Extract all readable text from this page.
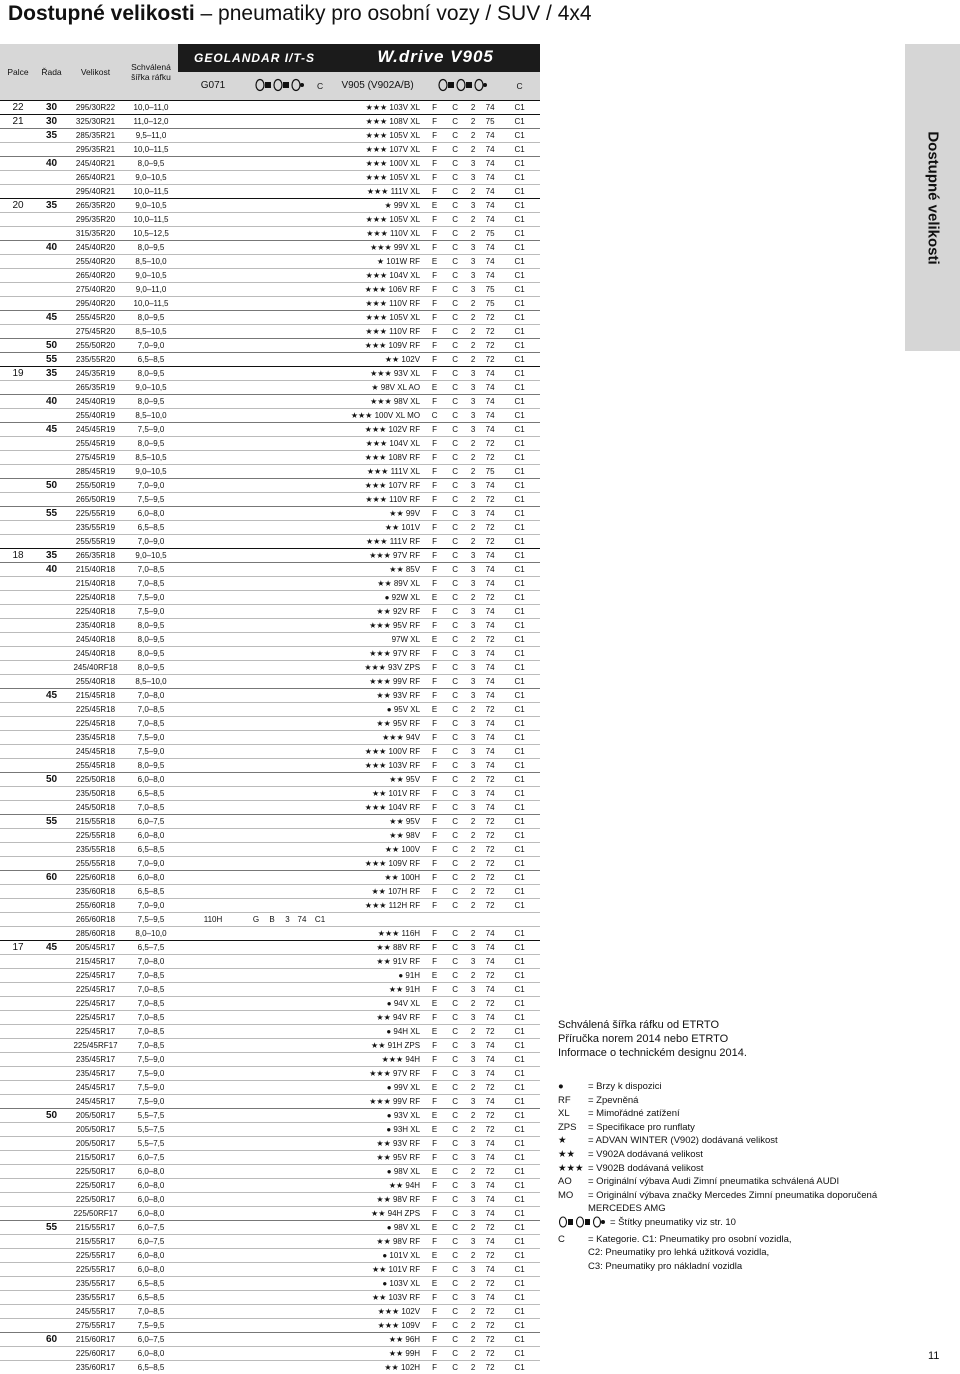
Dostupné velikosti – pneumatiky pro osobní vozy / SUV / 4x4
Dostupné velikosti
Palce	Řada	Velikost	Schválená šířka ráfku	GEOLANDAR I/T-S						W.drive V905					
				G071					C	V905 (V902A/B)					C
22	30	295/30R22	10,0–11,0							★★★ 103V XL	F	C	2	74	C1
21	30	325/30R21	11,0–12,0							★★★ 108V XL	F	C	2	75	C1
	35	285/35R21	9,5–11,0							★★★ 105V XL	F	C	2	74	C1
		295/35R21	10,0–11,5							★★★ 107V XL	F	C	2	74	C1
	40	245/40R21	8,0–9,5							★★★ 100V XL	F	C	3	74	C1
		265/40R21	9,0–10,5							★★★ 105V XL	F	C	3	74	C1
		295/40R21	10,0–11,5							★★★ 111V XL	F	C	2	74	C1
20	35	265/35R20	9,0–10,5							★ 99V XL	E	C	3	74	C1
		295/35R20	10,0–11,5							★★★ 105V XL	F	C	2	74	C1
		315/35R20	10,5–12,5							★★★ 110V XL	F	C	2	75	C1
	40	245/40R20	8,0–9,5							★★★ 99V XL	F	C	3	74	C1
		255/40R20	8,5–10,0							★ 101W RF	E	C	3	74	C1
		265/40R20	9,0–10,5							★★★ 104V XL	F	C	3	74	C1
		275/40R20	9,0–11,0							★★★ 106V RF	F	C	3	75	C1
		295/40R20	10,0–11,5							★★★ 110V RF	F	C	2	75	C1
	45	255/45R20	8,0–9,5							★★★ 105V XL	F	C	2	72	C1
		275/45R20	8,5–10,5							★★★ 110V RF	F	C	2	72	C1
	50	255/50R20	7,0–9,0							★★★ 109V RF	F	C	2	72	C1
	55	235/55R20	6,5–8,5							★★ 102V	F	C	2	72	C1
19	35	245/35R19	8,0–9,5							★★★ 93V XL	F	C	3	74	C1
		265/35R19	9,0–10,5							★ 98V XL AO	E	C	3	74	C1
	40	245/40R19	8,0–9,5							★★★ 98V XL	F	C	3	74	C1
		255/40R19	8,5–10,0							★★★ 100V XL MO	C	C	3	74	C1
	45	245/45R19	7,5–9,0							★★★ 102V RF	F	C	3	74	C1
		255/45R19	8,0–9,5							★★★ 104V XL	F	C	2	72	C1
		275/45R19	8,5–10,5							★★★ 108V RF	F	C	2	72	C1
		285/45R19	9,0–10,5							★★★ 111V XL	F	C	2	75	C1
	50	255/50R19	7,0–9,0							★★★ 107V RF	F	C	3	74	C1
		265/50R19	7,5–9,5							★★★ 110V RF	F	C	2	72	C1
	55	225/55R19	6,0–8,0							★★ 99V	F	C	3	74	C1
		235/55R19	6,5–8,5							★★ 101V	F	C	2	72	C1
		255/55R19	7,0–9,0							★★★ 111V RF	F	C	2	72	C1
18	35	265/35R18	9,0–10,5							★★★ 97V RF	F	C	3	74	C1
	40	215/40R18	7,0–8,5							★★ 85V	F	C	3	74	C1
		215/40R18	7,0–8,5							★★ 89V XL	F	C	3	74	C1
		225/40R18	7,5–9,0							● 92W XL	E	C	2	72	C1
		225/40R18	7,5–9,0							★★ 92V RF	F	C	3	74	C1
		235/40R18	8,0–9,5							★★★ 95V RF	F	C	3	74	C1
		245/40R18	8,0–9,5							97W XL	E	C	2	72	C1
		245/40R18	8,0–9,5							★★★ 97V RF	F	C	3	74	C1
		245/40RF18	8,0–9,5							★★★ 93V ZPS	F	C	3	74	C1
		255/40R18	8,5–10,0							★★★ 99V RF	F	C	3	74	C1
	45	215/45R18	7,0–8,0							★★ 93V RF	F	C	3	74	C1
		225/45R18	7,0–8,5							● 95V XL	E	C	2	72	C1
		225/45R18	7,0–8,5							★★ 95V RF	F	C	3	74	C1
		235/45R18	7,5–9,0							★★★ 94V	F	C	3	74	C1
		245/45R18	7,5–9,0							★★★ 100V RF	F	C	3	74	C1
		255/45R18	8,0–9,5							★★★ 103V RF	F	C	3	74	C1
	50	225/50R18	6,0–8,0							★★ 95V	F	C	2	72	C1
		235/50R18	6,5–8,5							★★ 101V RF	F	C	3	74	C1
		245/50R18	7,0–8,5							★★★ 104V RF	F	C	3	74	C1
	55	215/55R18	6,0–7,5							★★ 95V	F	C	2	72	C1
		225/55R18	6,0–8,0							★★ 98V	F	C	2	72	C1
		235/55R18	6,5–8,5							★★ 100V	F	C	2	72	C1
		255/55R18	7,0–9,0							★★★ 109V RF	F	C	2	72	C1
	60	225/60R18	6,0–8,0							★★ 100H	F	C	2	72	C1
		235/60R18	6,5–8,5							★★ 107H RF	F	C	2	72	C1
		255/60R18	7,0–9,0							★★★ 112H RF	F	C	2	72	C1
		265/60R18	7,5–9,5	110H	G	B	3	74	C1						
		285/60R18	8,0–10,0							★★★ 116H	F	C	2	74	C1
17	45	205/45R17	6,5–7,5							★★ 88V RF	F	C	3	74	C1
		215/45R17	7,0–8,0							★★ 91V RF	F	C	3	74	C1
		225/45R17	7,0–8,5							● 91H	E	C	2	72	C1
		225/45R17	7,0–8,5							★★ 91H	F	C	3	74	C1
		225/45R17	7,0–8,5							● 94V XL	E	C	2	72	C1
		225/45R17	7,0–8,5							★★ 94V RF	F	C	3	74	C1
		225/45R17	7,0–8,5							● 94H XL	E	C	2	72	C1
		225/45RF17	7,0–8,5							★★ 91H ZPS	F	C	3	74	C1
		235/45R17	7,5–9,0							★★★ 94H	F	C	3	74	C1
		235/45R17	7,5–9,0							★★★ 97V RF	F	C	3	74	C1
		245/45R17	7,5–9,0							● 99V XL	E	C	2	72	C1
		245/45R17	7,5–9,0							★★★ 99V RF	F	C	3	74	C1
	50	205/50R17	5,5–7,5							● 93V XL	E	C	2	72	C1
		205/50R17	5,5–7,5							● 93H XL	E	C	2	72	C1
		205/50R17	5,5–7,5							★★ 93V RF	F	C	3	74	C1
		215/50R17	6,0–7,5							★★ 95V RF	F	C	3	74	C1
		225/50R17	6,0–8,0							● 98V XL	E	C	2	72	C1
		225/50R17	6,0–8,0							★★ 94H	F	C	3	74	C1
		225/50R17	6,0–8,0							★★ 98V RF	F	C	3	74	C1
		225/50RF17	6,0–8,0							★★ 94H ZPS	F	C	3	74	C1
	55	215/55R17	6,0–7,5							● 98V XL	E	C	2	72	C1
		215/55R17	6,0–7,5							★★ 98V RF	F	C	3	74	C1
		225/55R17	6,0–8,0							● 101V XL	E	C	2	72	C1
		225/55R17	6,0–8,0							★★ 101V RF	F	C	3	74	C1
		235/55R17	6,5–8,5							● 103V XL	E	C	2	72	C1
		235/55R17	6,5–8,5							★★ 103V RF	F	C	3	74	C1
		245/55R17	7,0–8,5							★★★ 102V	F	C	2	72	C1
		275/55R17	7,5–9,5							★★★ 109V	F	C	2	72	C1
	60	215/60R17	6,0–7,5							★★ 96H	F	C	2	72	C1
		225/60R17	6,0–8,0							★★ 99H	F	C	2	72	C1
		235/60R17	6,5–8,5							★★ 102H	F	C	2	72	C1
Schválená šířka ráfku od ETRTO
Příručka norem 2014 nebo ETRTO
Informace o technickém designu 2014.
●	= Brzy k dispozici
RF	= Zpevněná
XL	= Mimořádné zatížení
ZPS	= Specifikace pro runflaty
★	= ADVAN WINTER (V902) dodávaná velikost
★★	= V902A dodávaná velikost
★★★ = V902B dodávaná velikost
AO	= Originální výbava Audi Zimní pneumatika schválená AUDI
MO	= Originální výbava značky Mercedes Zimní pneumatika doporučená
MERCEDES AMG
= Štítky pneumatiky viz str. 10
C	= Kategorie. C1: Pneumatiky pro osobní vozidla,
C2: Pneumatiky pro lehká užitková vozidla,
C3: Pneumatiky pro nákladní vozidla
11
